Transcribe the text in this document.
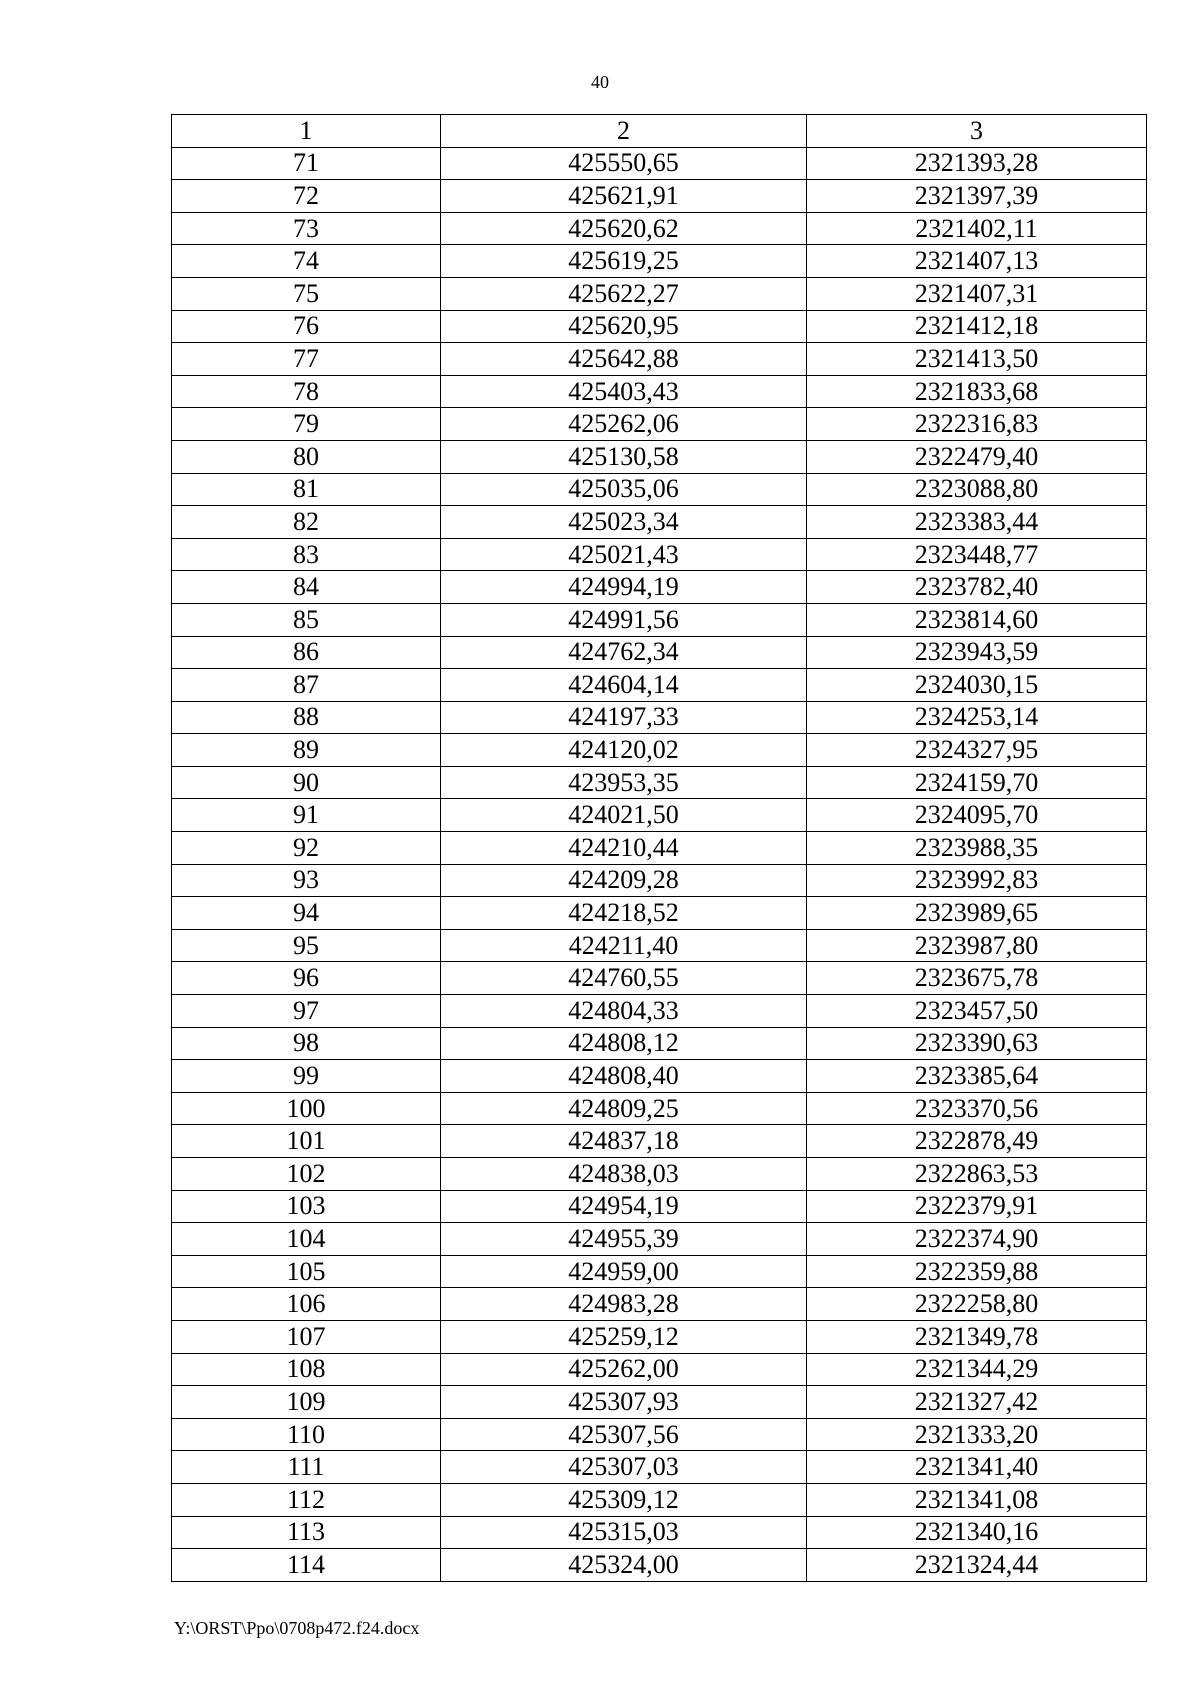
40
1	2	3
71	425550,65	2321393,28
72	425621,91	2321397,39
73	425620,62	2321402,11
74	425619,25	2321407,13
75	425622,27	2321407,31
76	425620,95	2321412,18
77	425642,88	2321413,50
78	425403,43	2321833,68
79	425262,06	2322316,83
80	425130,58	2322479,40
81	425035,06	2323088,80
82	425023,34	2323383,44
83	425021,43	2323448,77
84	424994,19	2323782,40
85	424991,56	2323814,60
86	424762,34	2323943,59
87	424604,14	2324030,15
88	424197,33	2324253,14
89	424120,02	2324327,95
90	423953,35	2324159,70
91	424021,50	2324095,70
92	424210,44	2323988,35
93	424209,28	2323992,83
94	424218,52	2323989,65
95	424211,40	2323987,80
96	424760,55	2323675,78
97	424804,33	2323457,50
98	424808,12	2323390,63
99	424808,40	2323385,64
100	424809,25	2323370,56
101	424837,18	2322878,49
102	424838,03	2322863,53
103	424954,19	2322379,91
104	424955,39	2322374,90
105	424959,00	2322359,88
106	424983,28	2322258,80
107	425259,12	2321349,78
108	425262,00	2321344,29
109	425307,93	2321327,42
110	425307,56	2321333,20
111	425307,03	2321341,40
112	425309,12	2321341,08
113	425315,03	2321340,16
114	425324,00	2321324,44
Y:\ORST\Ppo\0708p472.f24.docx
